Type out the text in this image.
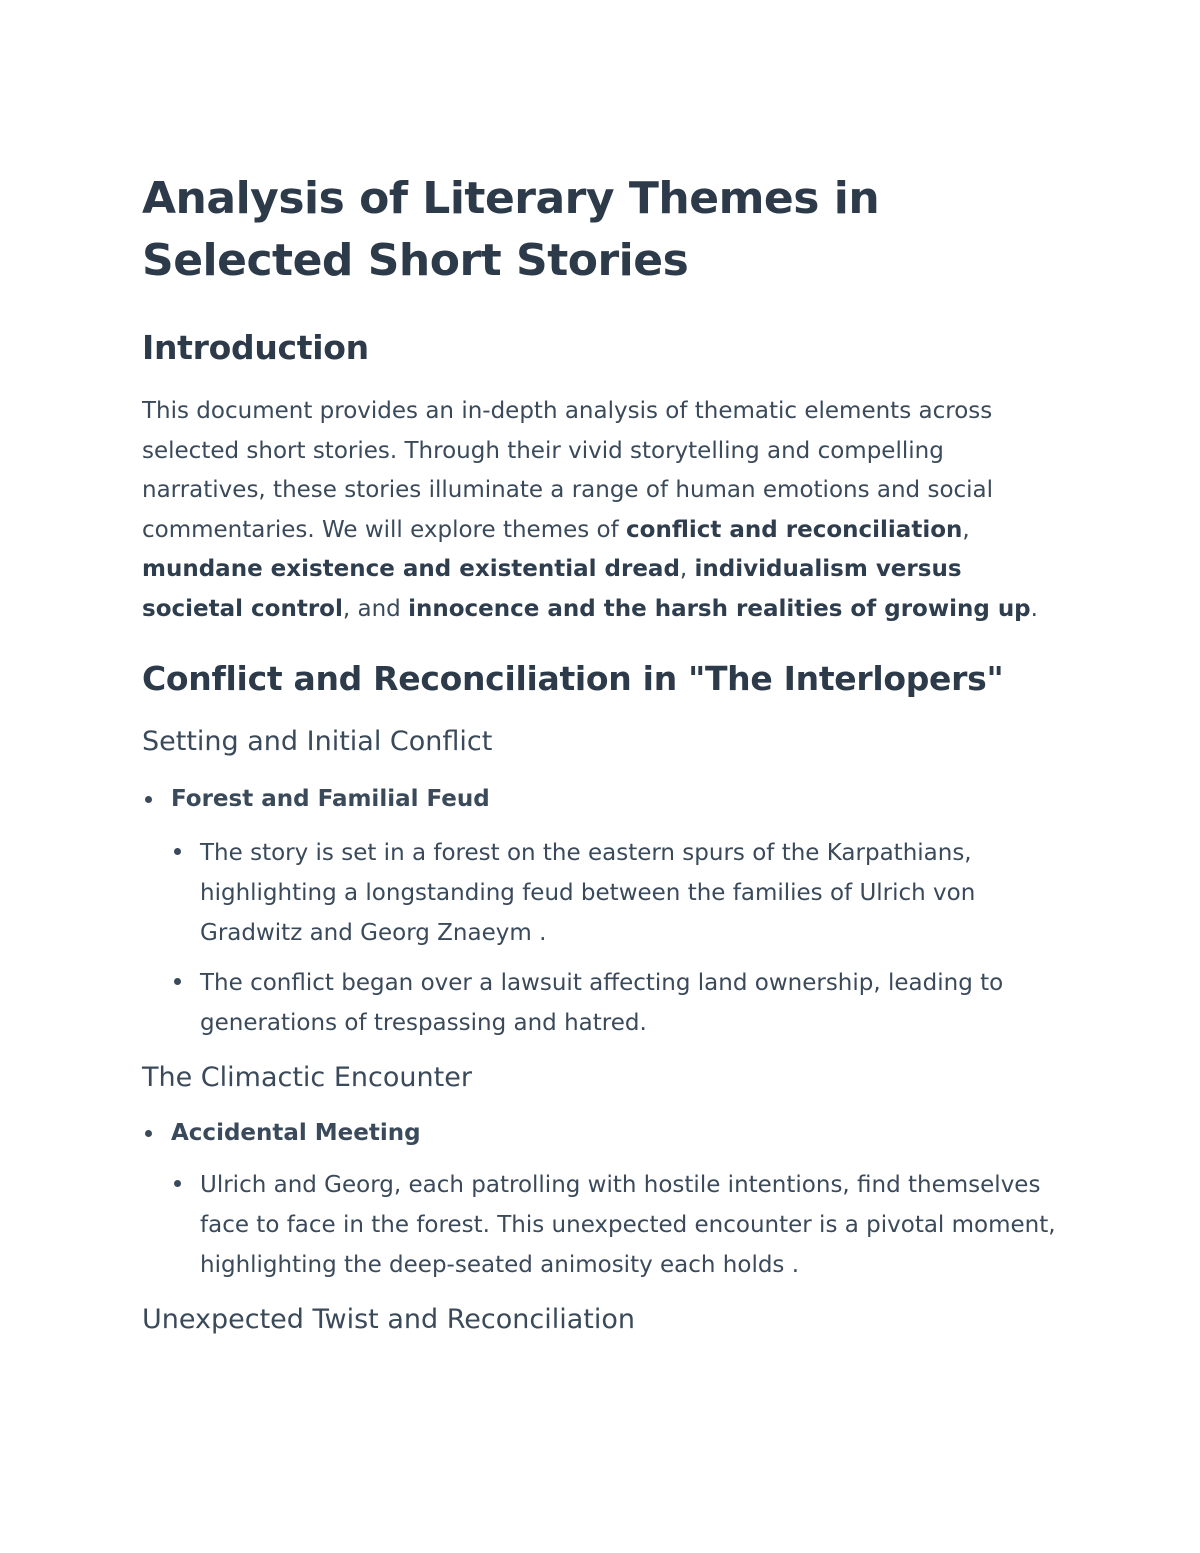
Analysis of Literary Themes in Selected Short Stories
Introduction

This document provides an in-depth analysis of thematic elements across selected short stories. Through their vivid storytelling and compelling narratives, these stories illuminate a range of human emotions and social commentaries. We will explore themes of conflict and reconciliation, mundane existence and existential dread, individualism versus societal control, and innocence and the harsh realities of growing up.

Conflict and Reconciliation in "The Interlopers"
Setting and Initial Conflict
Forest and Familial Feud
The story is set in a forest on the eastern spurs of the Karpathians, highlighting a longstanding feud between the families of Ulrich von Gradwitz and Georg Znaeym .
The conflict began over a lawsuit affecting land ownership, leading to generations of trespassing and hatred.
The Climactic Encounter
Accidental Meeting
Ulrich and Georg, each patrolling with hostile intentions, find themselves face to face in the forest. This unexpected encounter is a pivotal moment, highlighting the deep-seated animosity each holds .
Unexpected Twist and Reconciliation
